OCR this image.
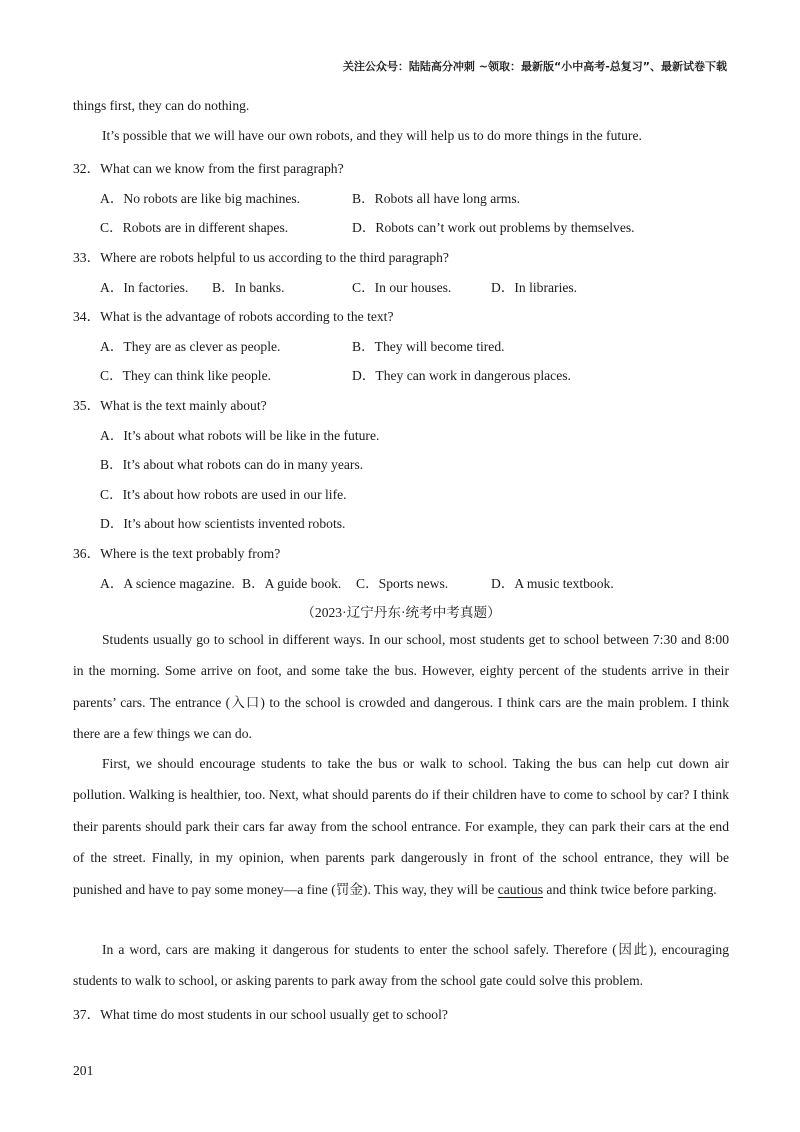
关注公众号：陆陆高分冲刺 ~领取：最新版“小中高考-总复习”、最新试卷下载
things first, they can do nothing.
It’s possible that we will have our own robots, and they will help us to do more things in the future.
32．What can we know from the first paragraph?
A．No robots are like big machines.	B．Robots all have long arms.
C．Robots are in different shapes.	D．Robots can’t work out problems by themselves.
33．Where are robots helpful to us according to the third paragraph?
A．In factories. B．In banks.	C．In our houses.	D．In libraries.
34．What is the advantage of robots according to the text?
A．They are as clever as people.	B．They will become tired.
C．They can think like people.	D．They can work in dangerous places.
35．What is the text mainly about?
A．It’s about what robots will be like in the future.
B．It’s about what robots can do in many years.
C．It’s about how robots are used in our life.
D．It’s about how scientists invented robots.
36．Where is the text probably from?
A．A science magazine. B．A guide book. C．Sports news.	D．A music textbook.
（2023·辽宁丹东·统考中考真题）
Students usually go to school in different ways. In our school, most students get to school between 7:30 and 8:00 in the morning. Some arrive on foot, and some take the bus. However, eighty percent of the students arrive in their parents’ cars. The entrance (入口) to the school is crowded and dangerous. I think cars are the main problem. I think there are a few things we can do.
First, we should encourage students to take the bus or walk to school. Taking the bus can help cut down air pollution. Walking is healthier, too. Next, what should parents do if their children have to come to school by car? I think their parents should park their cars far away from the school entrance. For example, they can park their cars at the end of the street. Finally, in my opinion, when parents park dangerously in front of the school entrance, they will be punished and have to pay some money—a fine (罚金). This way, they will be cautious and think twice before parking.
In a word, cars are making it dangerous for students to enter the school safely. Therefore (因此), encouraging students to walk to school, or asking parents to park away from the school gate could solve this problem.
37．What time do most students in our school usually get to school?
201
